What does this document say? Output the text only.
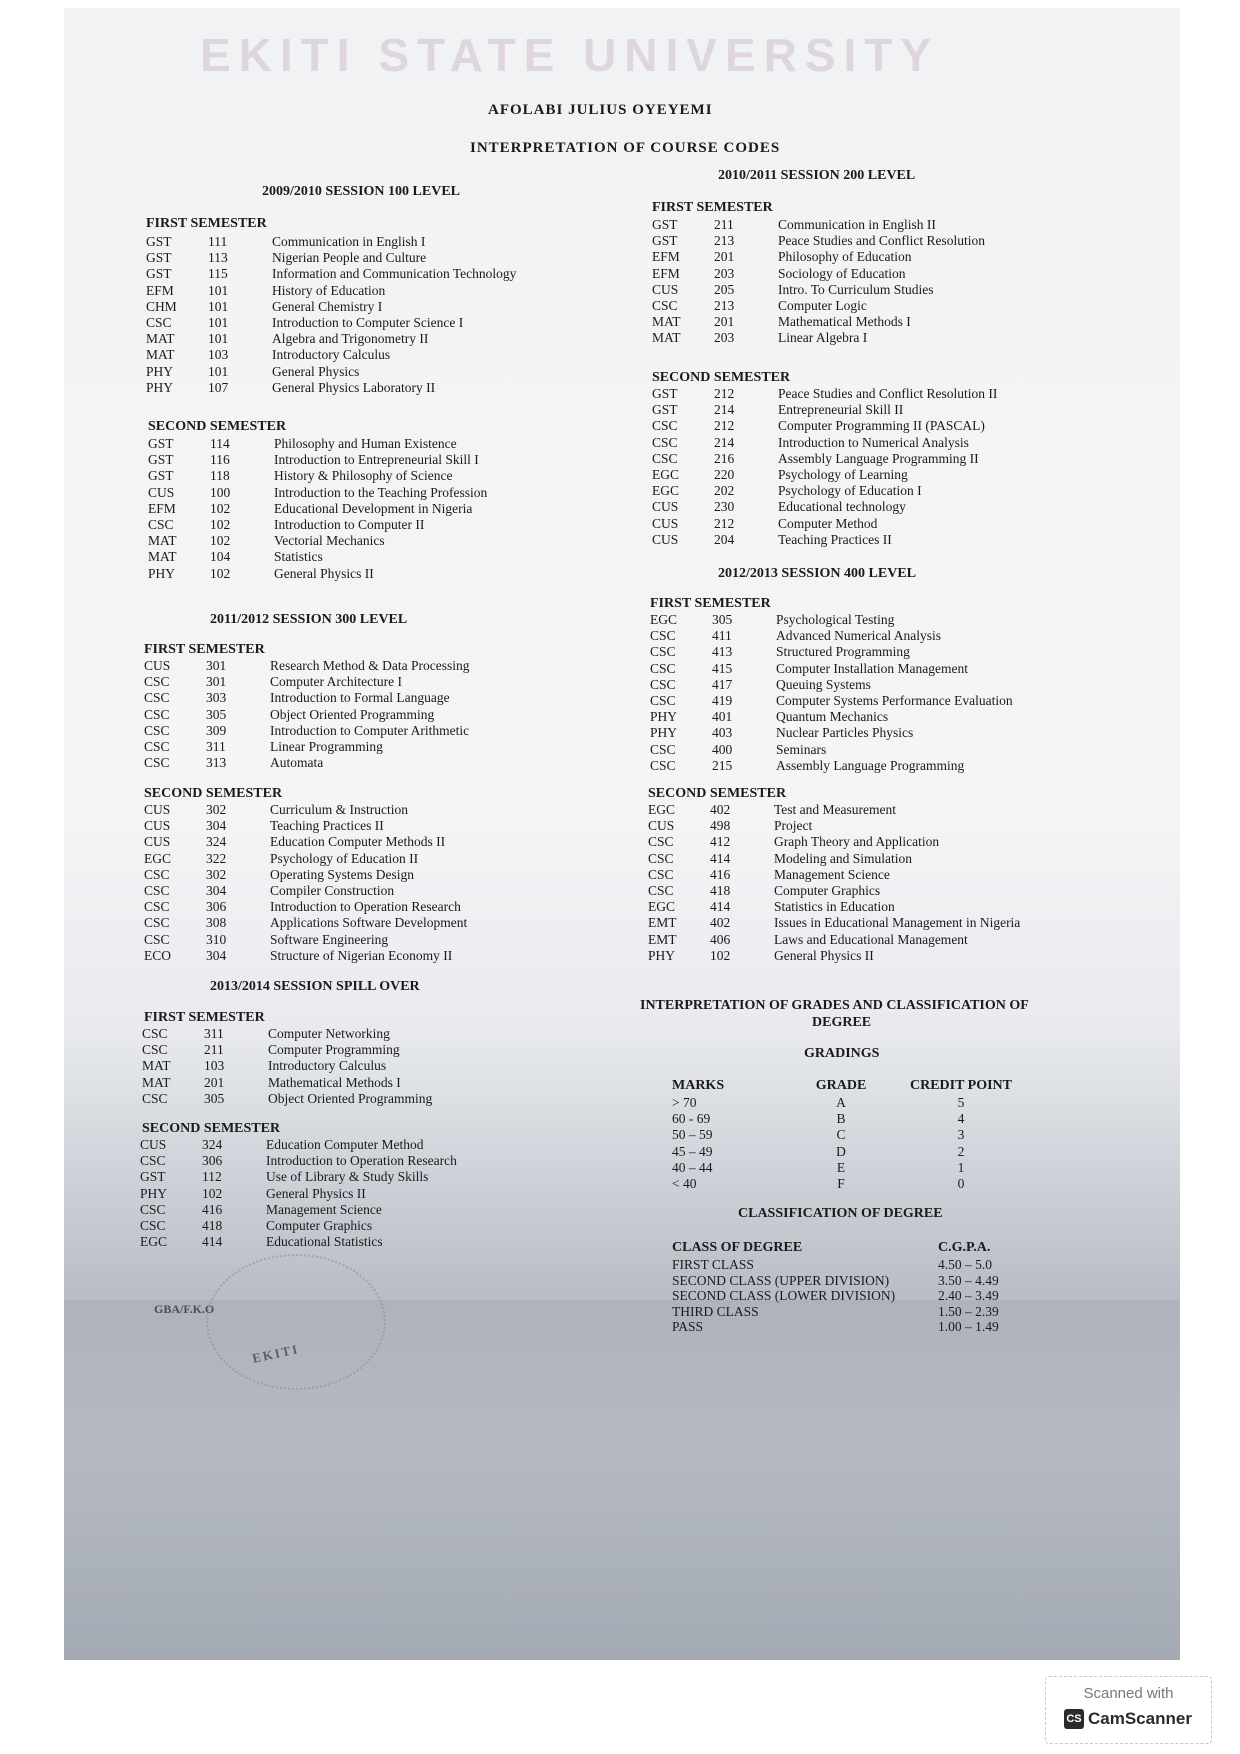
EKITI STATE UNIVERSITY
AFOLABI JULIUS OYEYEMI
INTERPRETATION OF COURSE CODES
2009/2010 SESSION 100 LEVEL
FIRST SEMESTER
GST	111	Communication in English I
GST	113	Nigerian People and Culture
GST	115	Information and Communication Technology
EFM	101	History of Education
CHM	101	General Chemistry I
CSC	101	Introduction to Computer Science I
MAT	101	Algebra and Trigonometry II
MAT	103	Introductory Calculus
PHY	101	General Physics
PHY	107	General Physics Laboratory II
SECOND SEMESTER
GST	114	Philosophy and Human Existence
GST	116	Introduction to Entrepreneurial Skill I
GST	118	History & Philosophy of Science
CUS	100	Introduction to the Teaching Profession
EFM	102	Educational Development in Nigeria
CSC	102	Introduction to Computer II
MAT	102	Vectorial Mechanics
MAT	104	Statistics
PHY	102	General Physics II
2011/2012 SESSION 300 LEVEL
FIRST SEMESTER
CUS	301	Research Method & Data Processing
CSC	301	Computer Architecture I
CSC	303	Introduction to Formal Language
CSC	305	Object Oriented Programming
CSC	309	Introduction to Computer Arithmetic
CSC	311	Linear Programming
CSC	313	Automata
SECOND SEMESTER
CUS	302	Curriculum & Instruction
CUS	304	Teaching Practices II
CUS	324	Education Computer Methods II
EGC	322	Psychology of Education II
CSC	302	Operating Systems Design
CSC	304	Compiler Construction
CSC	306	Introduction to Operation Research
CSC	308	Applications Software Development
CSC	310	Software Engineering
ECO	304	Structure of Nigerian Economy II
2013/2014 SESSION SPILL OVER
FIRST SEMESTER
CSC	311	Computer Networking
CSC	211	Computer Programming
MAT	103	Introductory Calculus
MAT	201	Mathematical Methods I
CSC	305	Object Oriented Programming
SECOND SEMESTER
CUS	324	Education Computer Method
CSC	306	Introduction to Operation Research
GST	112	Use of Library & Study Skills
PHY	102	General Physics II
CSC	416	Management Science
CSC	418	Computer Graphics
EGC	414	Educational Statistics
2010/2011 SESSION 200 LEVEL
FIRST SEMESTER
GST	211	Communication in English II
GST	213	Peace Studies and Conflict Resolution
EFM	201	Philosophy of Education
EFM	203	Sociology of Education
CUS	205	Intro. To Curriculum Studies
CSC	213	Computer Logic
MAT	201	Mathematical Methods I
MAT	203	Linear Algebra I
SECOND SEMESTER
GST	212	Peace Studies and Conflict Resolution II
GST	214	Entrepreneurial Skill II
CSC	212	Computer Programming II (PASCAL)
CSC	214	Introduction to Numerical Analysis
CSC	216	Assembly Language Programming II
EGC	220	Psychology of Learning
EGC	202	Psychology of Education I
CUS	230	Educational technology
CUS	212	Computer Method
CUS	204	Teaching Practices II
2012/2013 SESSION 400 LEVEL
FIRST SEMESTER
EGC	305	Psychological Testing
CSC	411	Advanced Numerical Analysis
CSC	413	Structured Programming
CSC	415	Computer Installation Management
CSC	417	Queuing Systems
CSC	419	Computer Systems Performance Evaluation
PHY	401	Quantum Mechanics
PHY	403	Nuclear Particles Physics
CSC	400	Seminars
CSC	215	Assembly Language Programming
SECOND SEMESTER
EGC	402	Test and Measurement
CUS	498	Project
CSC	412	Graph Theory and Application
CSC	414	Modeling and Simulation
CSC	416	Management Science
CSC	418	Computer Graphics
EGC	414	Statistics in Education
EMT	402	Issues in Educational Management in Nigeria
EMT	406	Laws and Educational Management
PHY	102	General Physics II
INTERPRETATION OF GRADES AND CLASSIFICATION OF
DEGREE
GRADINGS
MARKS	GRADE	CREDIT POINT
> 70	A	5
60 - 69	B	4
50 – 59	C	3
45 – 49	D	2
40 – 44	E	1
< 40	F	0
CLASSIFICATION OF DEGREE
CLASS OF DEGREE	C.G.P.A.
FIRST CLASS	4.50 – 5.0
SECOND CLASS (UPPER DIVISION)	3.50 – 4.49
SECOND CLASS (LOWER DIVISION)	2.40 – 3.49
THIRD CLASS	1.50 – 2.39
PASS	1.00 – 1.49
EKITI
GBA/F.K.O
Scanned with
CS CamScanner
